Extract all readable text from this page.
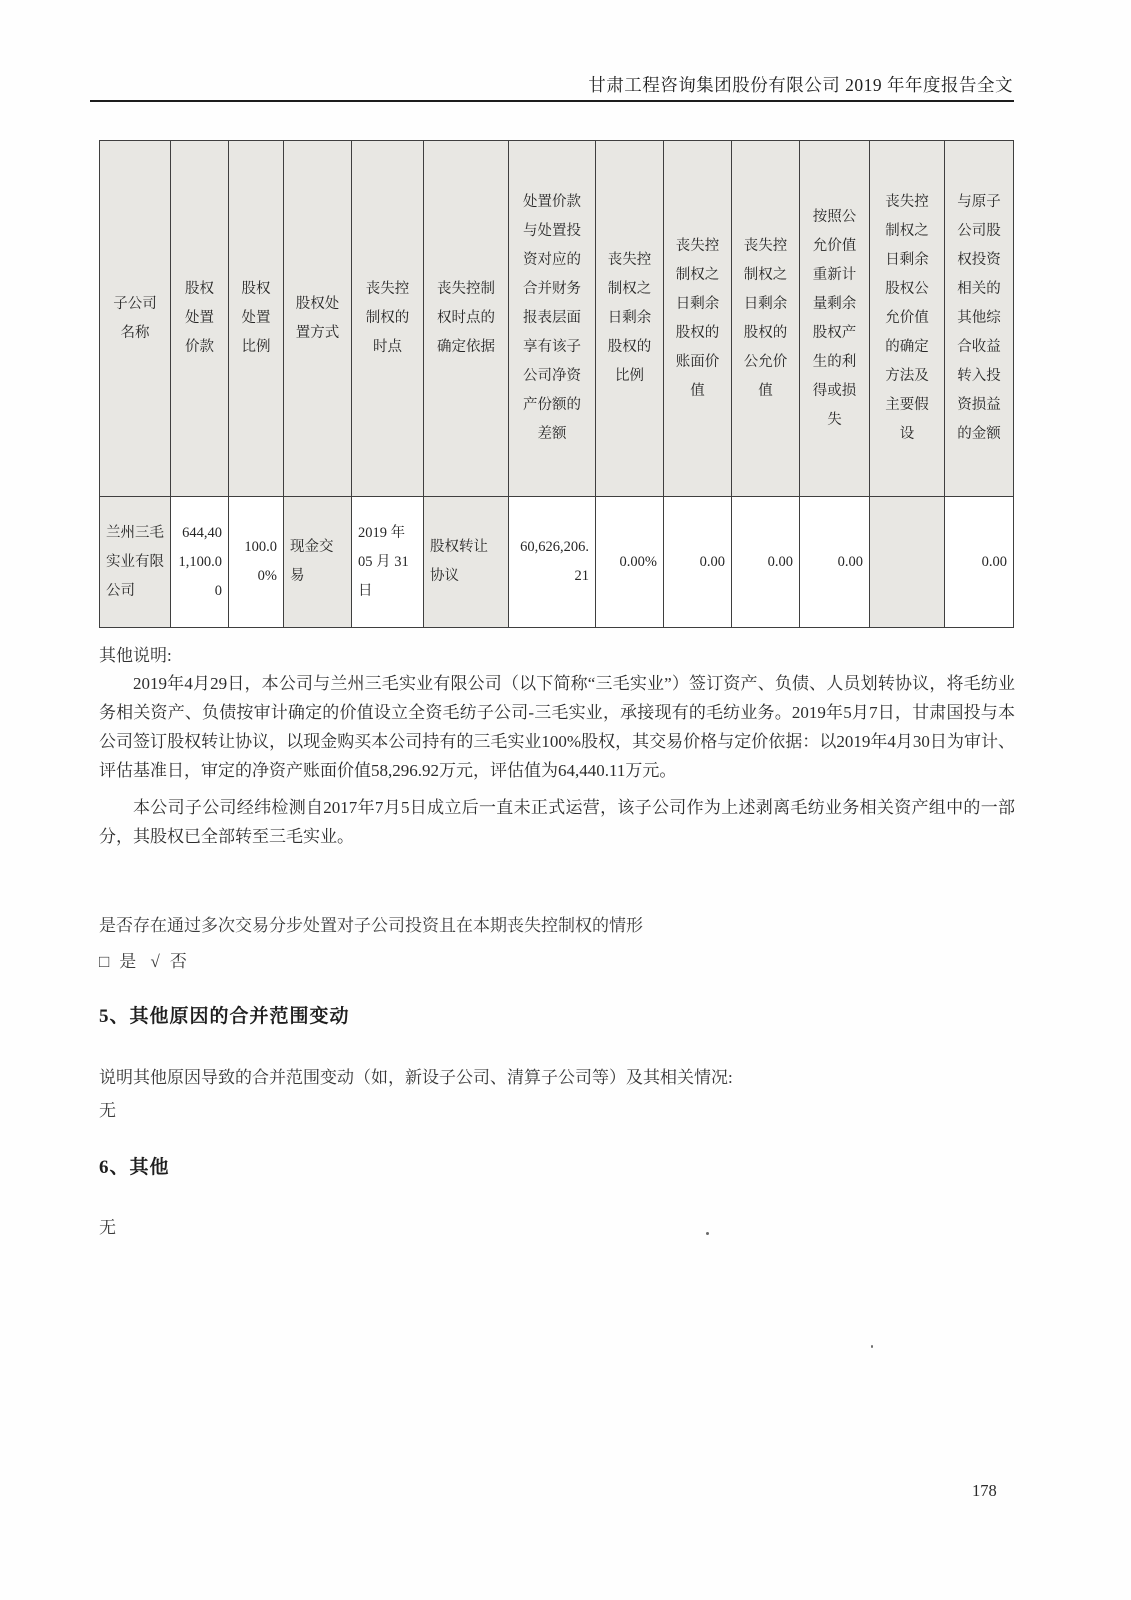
甘肃工程咨询集团股份有限公司 2019 年年度报告全文
子公司名称	股权处置价款	股权处置比例	股权处置方式	丧失控制权的时点	丧失控制权时点的确定依据	处置价款与处置投资对应的合并财务报表层面享有该子公司净资产份额的差额	丧失控制权之日剩余股权的比例	丧失控制权之日剩余股权的账面价值	丧失控制权之日剩余股权的公允价值	按照公允价值重新计量剩余股权产生的利得或损失	丧失控制权之日剩余股权公允价值的确定方法及主要假设	与原子公司股权投资相关的其他综合收益转入投资损益的金额
兰州三毛实业有限公司	644,401,100.00	100.00%	现金交易	2019 年 05 月 31 日	股权转让协议	60,626,206.21	0.00%	0.00	0.00	0.00		0.00
其他说明:

2019年4月29日，本公司与兰州三毛实业有限公司（以下简称“三毛实业”）签订资产、负债、人员划转协议，将毛纺业务相关资产、负债按审计确定的价值设立全资毛纺子公司-三毛实业，承接现有的毛纺业务。2019年5月7日，甘肃国投与本公司签订股权转让协议，以现金购买本公司持有的三毛实业100%股权，其交易价格与定价依据：以2019年4月30日为审计、评估基准日，审定的净资产账面价值58,296.92万元，评估值为64,440.11万元。

本公司子公司经纬检测自2017年7月5日成立后一直未正式运营，该子公司作为上述剥离毛纺业务相关资产组中的一部分，其股权已全部转至三毛实业。

是否存在通过多次交易分步处置对子公司投资且在本期丧失控制权的情形
□ 是 √ 否
5、其他原因的合并范围变动
说明其他原因导致的合并范围变动（如，新设子公司、清算子公司等）及其相关情况:
无
6、其他
无
178
